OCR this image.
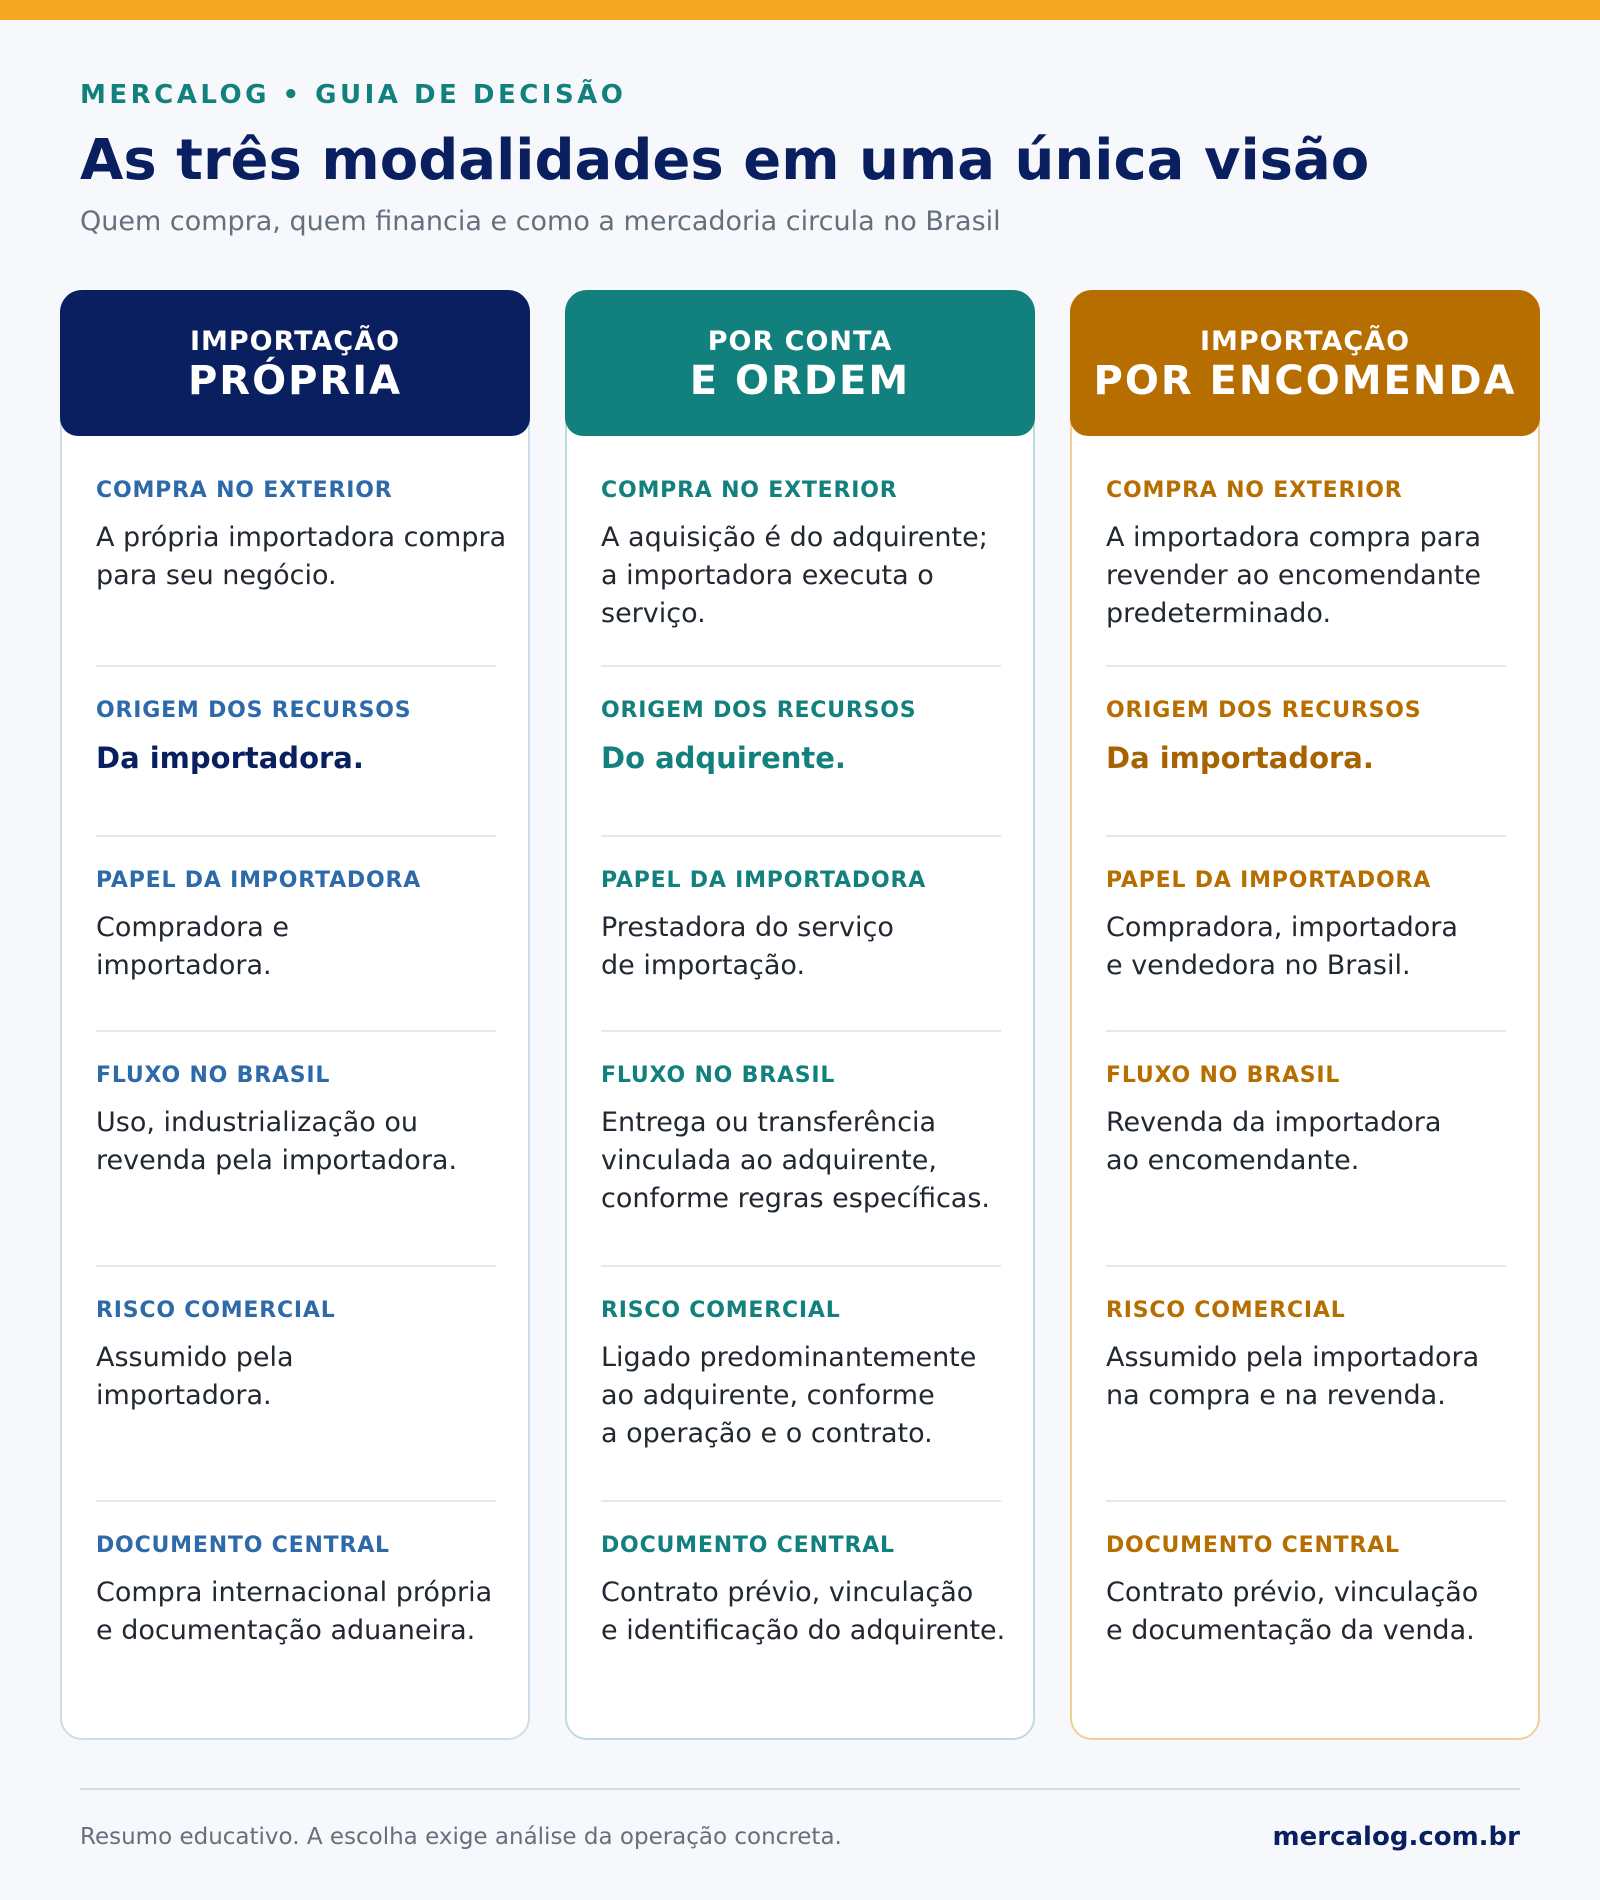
MERCALOG • GUIA DE DECISÃO
As três modalidades em uma única visão
Quem compra, quem financia e como a mercadoria circula no Brasil
IMPORTAÇÃO
PRÓPRIA
COMPRA NO EXTERIOR
A própria importadora compra
para seu negócio.
ORIGEM DOS RECURSOS
Da importadora.
PAPEL DA IMPORTADORA
Compradora e
importadora.
FLUXO NO BRASIL
Uso, industrialização ou
revenda pela importadora.
RISCO COMERCIAL
Assumido pela
importadora.
DOCUMENTO CENTRAL
Compra internacional própria
e documentação aduaneira.
POR CONTA
E ORDEM
COMPRA NO EXTERIOR
A aquisição é do adquirente;
a importadora executa o serviço.
ORIGEM DOS RECURSOS
Do adquirente.
PAPEL DA IMPORTADORA
Prestadora do serviço
de importação.
FLUXO NO BRASIL
Entrega ou transferência
vinculada ao adquirente,
conforme regras específicas.
RISCO COMERCIAL
Ligado predominantemente
ao adquirente, conforme
a operação e o contrato.
DOCUMENTO CENTRAL
Contrato prévio, vinculação
e identificação do adquirente.
IMPORTAÇÃO
POR ENCOMENDA
COMPRA NO EXTERIOR
A importadora compra para
revender ao encomendante
predeterminado.
ORIGEM DOS RECURSOS
Da importadora.
PAPEL DA IMPORTADORA
Compradora, importadora
e vendedora no Brasil.
FLUXO NO BRASIL
Revenda da importadora
ao encomendante.
RISCO COMERCIAL
Assumido pela importadora
na compra e na revenda.
DOCUMENTO CENTRAL
Contrato prévio, vinculação
e documentação da venda.
Resumo educativo. A escolha exige análise da operação concreta.	mercalog.com.br
